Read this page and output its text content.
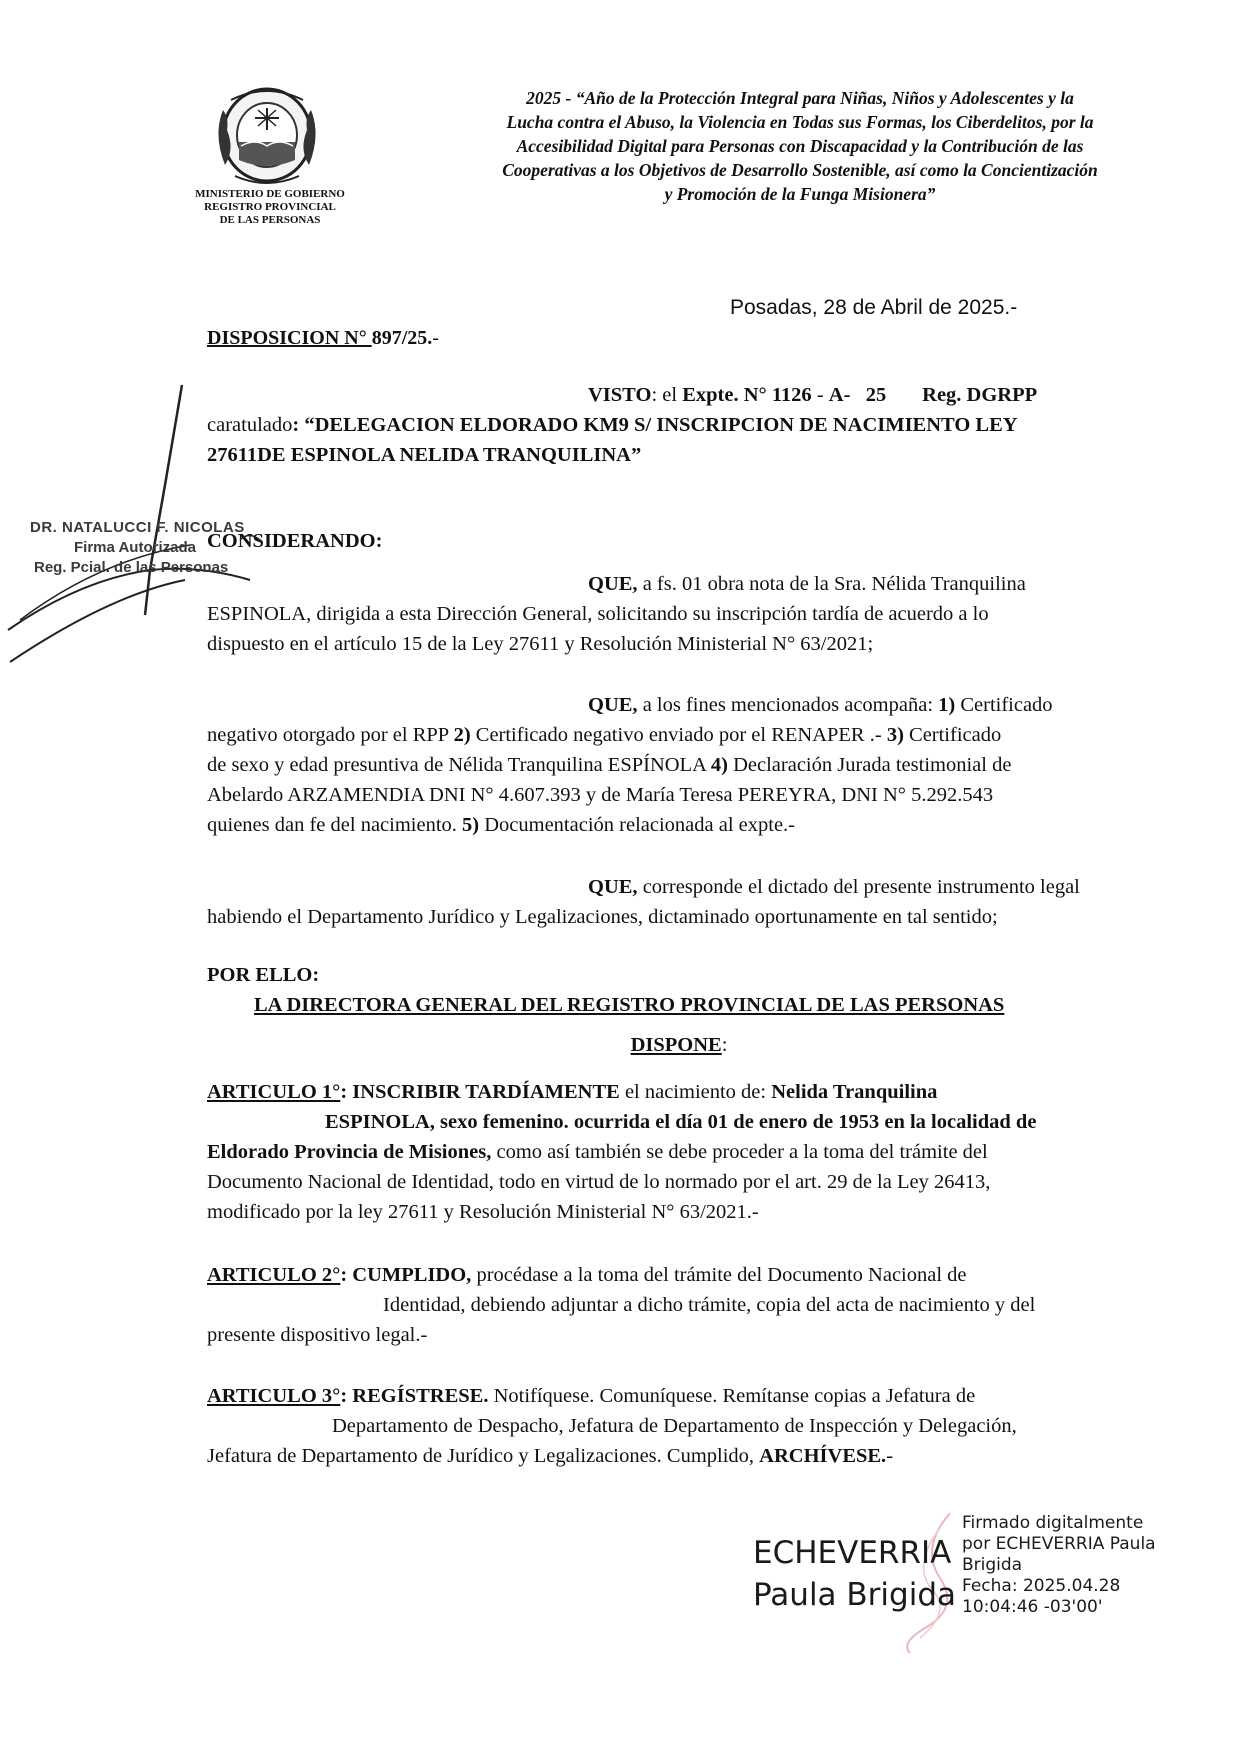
MINISTERIO DE GOBIERNO
REGISTRO PROVINCIAL
DE LAS PERSONAS
2025 - “Año de la Protección Integral para Niñas, Niños y Adolescentes y la
Lucha contra el Abuso, la Violencia en Todas sus Formas, los Ciberdelitos, por la
Accesibilidad Digital para Personas con Discapacidad y la Contribución de las
Cooperativas a los Objetivos de Desarrollo Sostenible, así como la Concientización
y Promoción de la Funga Misionera”
Posadas, 28 de Abril de 2025.-
DISPOSICION N° 897/25.-
VISTO: el Expte. N° 1126 - A- 25 Reg. DGRPP
caratulado: “DELEGACION ELDORADO KM9 S/ INSCRIPCION DE NACIMIENTO LEY
27611DE ESPINOLA NELIDA TRANQUILINA”
CONSIDERANDO:
QUE, a fs. 01 obra nota de la Sra. Nélida Tranquilina
ESPINOLA, dirigida a esta Dirección General, solicitando su inscripción tardía de acuerdo a lo
dispuesto en el artículo 15 de la Ley 27611 y Resolución Ministerial N° 63/2021;
QUE, a los fines mencionados acompaña: 1) Certificado
negativo otorgado por el RPP 2) Certificado negativo enviado por el RENAPER .- 3) Certificado
de sexo y edad presuntiva de Nélida Tranquilina ESPÍNOLA 4) Declaración Jurada testimonial de
Abelardo ARZAMENDIA DNI N° 4.607.393 y de María Teresa PEREYRA, DNI N° 5.292.543
quienes dan fe del nacimiento. 5) Documentación relacionada al expte.-
QUE, corresponde el dictado del presente instrumento legal
habiendo el Departamento Jurídico y Legalizaciones, dictaminado oportunamente en tal sentido;
POR ELLO:
LA DIRECTORA GENERAL DEL REGISTRO PROVINCIAL DE LAS PERSONAS
DISPONE:
ARTICULO 1°: INSCRIBIR TARDÍAMENTE el nacimiento de: Nelida Tranquilina
ESPINOLA, sexo femenino. ocurrida el día 01 de enero de 1953 en la localidad de
Eldorado Provincia de Misiones, como así también se debe proceder a la toma del trámite del
Documento Nacional de Identidad, todo en virtud de lo normado por el art. 29 de la Ley 26413,
modificado por la ley 27611 y Resolución Ministerial N° 63/2021.-
ARTICULO 2°: CUMPLIDO, procédase a la toma del trámite del Documento Nacional de
Identidad, debiendo adjuntar a dicho trámite, copia del acta de nacimiento y del
presente dispositivo legal.-
ARTICULO 3°: REGÍSTRESE. Notifíquese. Comuníquese. Remítanse copias a Jefatura de
Departamento de Despacho, Jefatura de Departamento de Inspección y Delegación,
Jefatura de Departamento de Jurídico y Legalizaciones. Cumplido, ARCHÍVESE.-
DR. NATALUCCI F. NICOLAS
Firma Autorizada
Reg. Pcial. de las Personas
ECHEVERRIA
Paula Brigida
Firmado digitalmente
por ECHEVERRIA Paula
Brigida
Fecha: 2025.04.28
10:04:46 -03'00'
